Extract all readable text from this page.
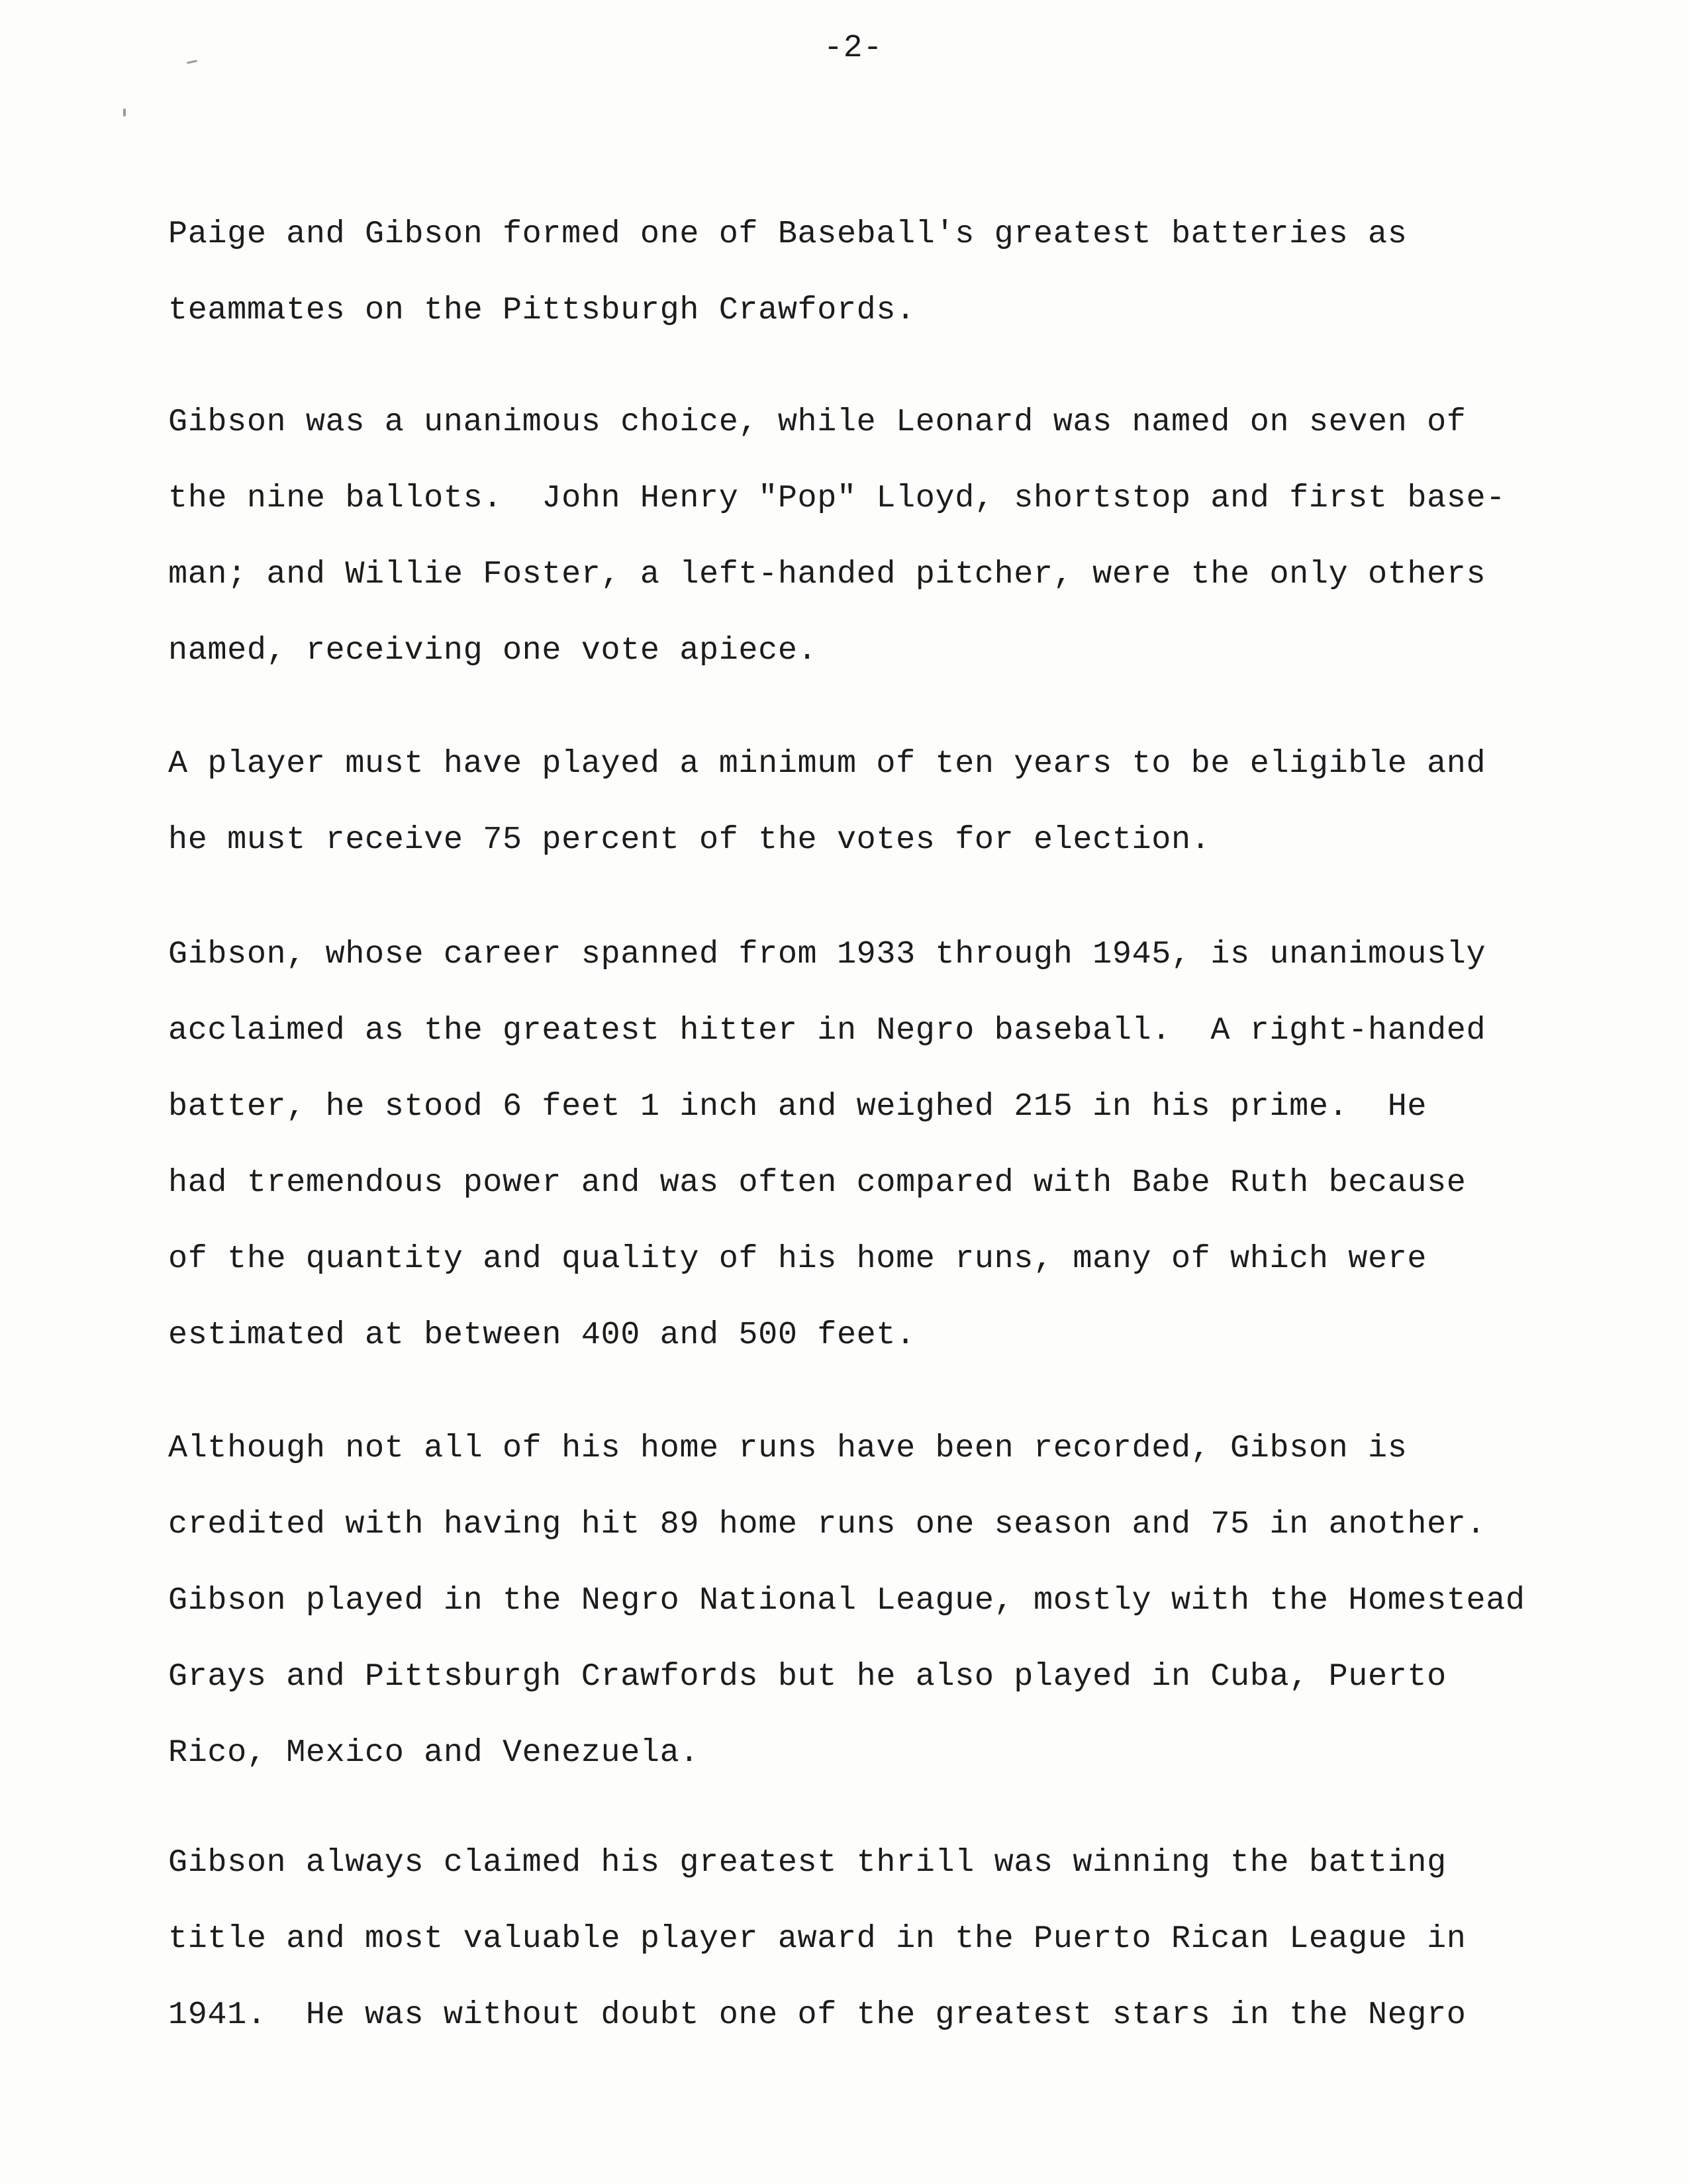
-2-
Paige and Gibson formed one of Baseball's greatest batteries as
teammates on the Pittsburgh Crawfords.
Gibson was a unanimous choice, while Leonard was named on seven of
the nine ballots.  John Henry "Pop" Lloyd, shortstop and first base-
man; and Willie Foster, a left-handed pitcher, were the only others
named, receiving one vote apiece.
A player must have played a minimum of ten years to be eligible and
he must receive 75 percent of the votes for election.
Gibson, whose career spanned from 1933 through 1945, is unanimously
acclaimed as the greatest hitter in Negro baseball.  A right-handed
batter, he stood 6 feet 1 inch and weighed 215 in his prime.  He
had tremendous power and was often compared with Babe Ruth because
of the quantity and quality of his home runs, many of which were
estimated at between 400 and 500 feet.
Although not all of his home runs have been recorded, Gibson is
credited with having hit 89 home runs one season and 75 in another.
Gibson played in the Negro National League, mostly with the Homestead
Grays and Pittsburgh Crawfords but he also played in Cuba, Puerto
Rico, Mexico and Venezuela.
Gibson always claimed his greatest thrill was winning the batting
title and most valuable player award in the Puerto Rican League in
1941.  He was without doubt one of the greatest stars in the Negro
